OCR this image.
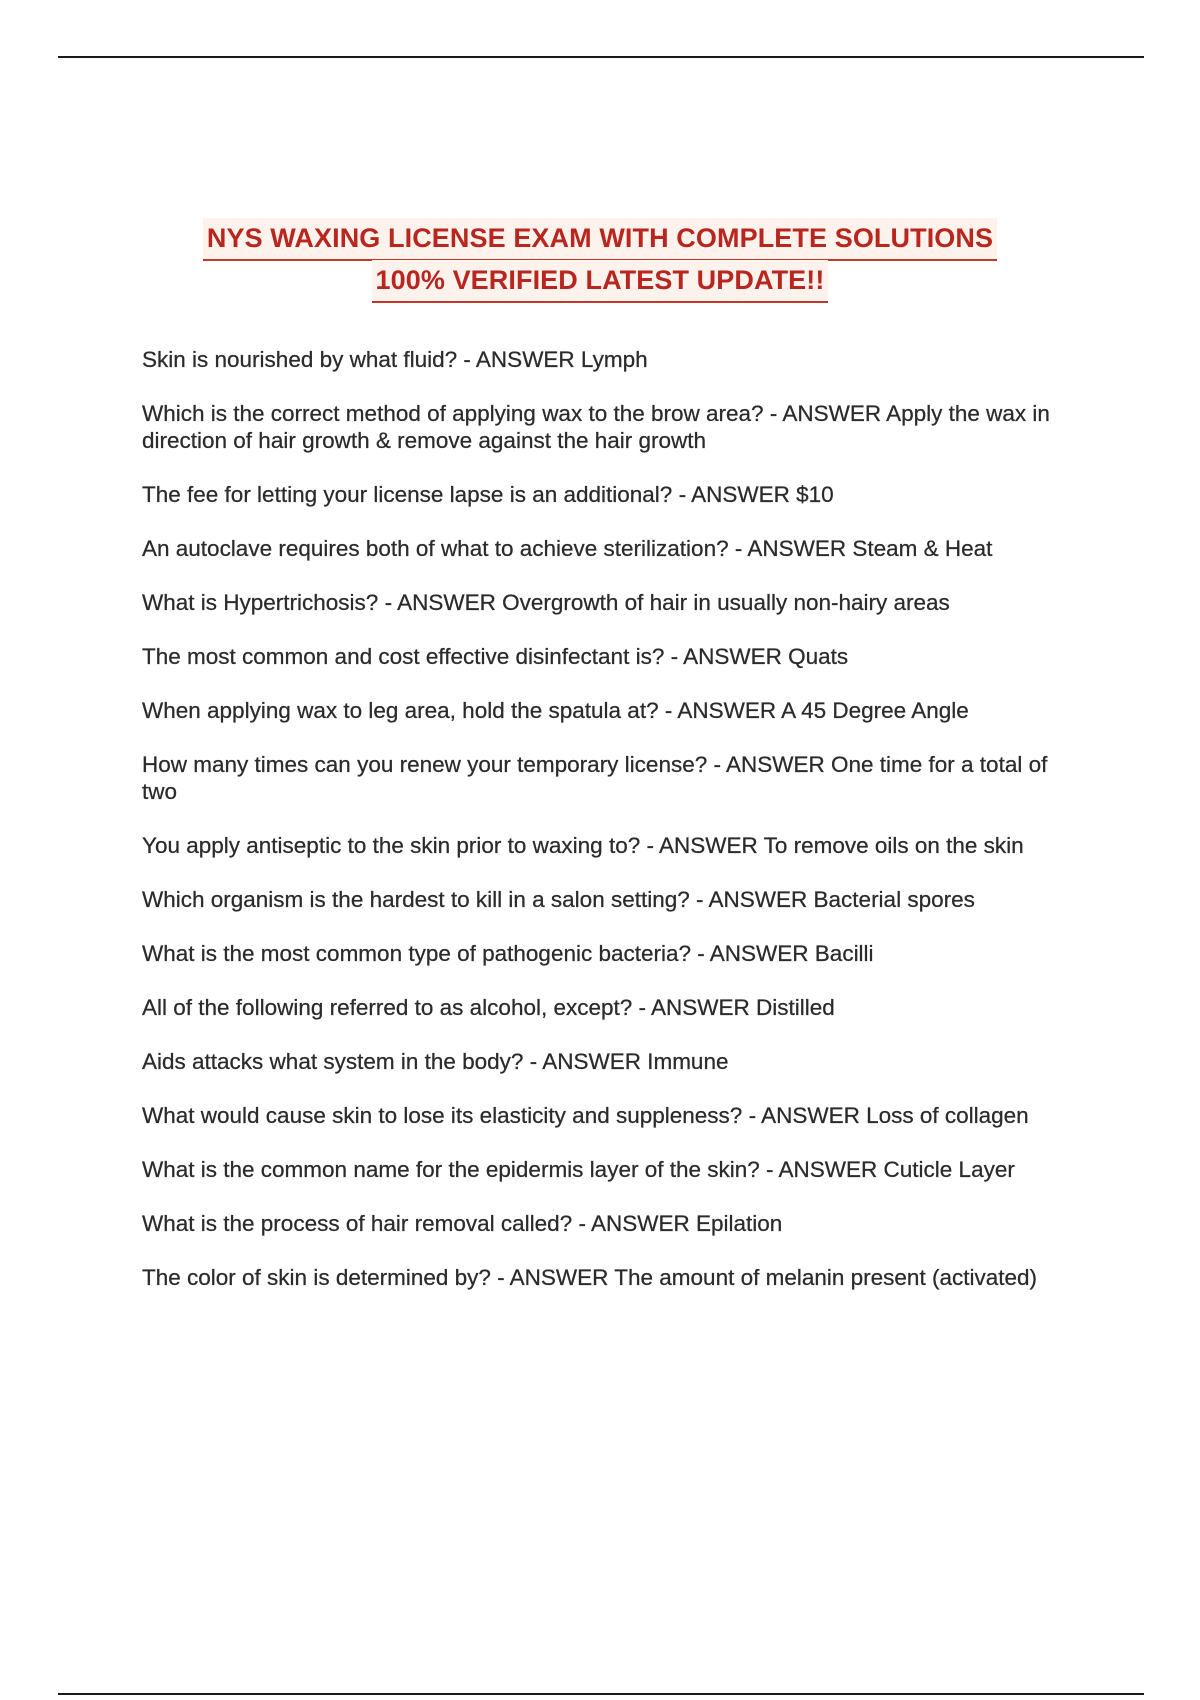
NYS WAXING LICENSE EXAM WITH COMPLETE SOLUTIONS
100% VERIFIED LATEST UPDATE!!

Skin is nourished by what fluid? - ANSWER Lymph

Which is the correct method of applying wax to the brow area? - ANSWER Apply the wax in direction of hair growth & remove against the hair growth

The fee for letting your license lapse is an additional? - ANSWER $10

An autoclave requires both of what to achieve sterilization? - ANSWER Steam & Heat

What is Hypertrichosis? - ANSWER Overgrowth of hair in usually non-hairy areas

The most common and cost effective disinfectant is? - ANSWER Quats

When applying wax to leg area, hold the spatula at? - ANSWER A 45 Degree Angle

How many times can you renew your temporary license? - ANSWER One time for a total of two

You apply antiseptic to the skin prior to waxing to? - ANSWER To remove oils on the skin

Which organism is the hardest to kill in a salon setting? - ANSWER Bacterial spores

What is the most common type of pathogenic bacteria? - ANSWER Bacilli

All of the following referred to as alcohol, except? - ANSWER Distilled

Aids attacks what system in the body? - ANSWER Immune

What would cause skin to lose its elasticity and suppleness? - ANSWER Loss of collagen

What is the common name for the epidermis layer of the skin? - ANSWER Cuticle Layer

What is the process of hair removal called? - ANSWER Epilation

The color of skin is determined by? - ANSWER The amount of melanin present (activated)
